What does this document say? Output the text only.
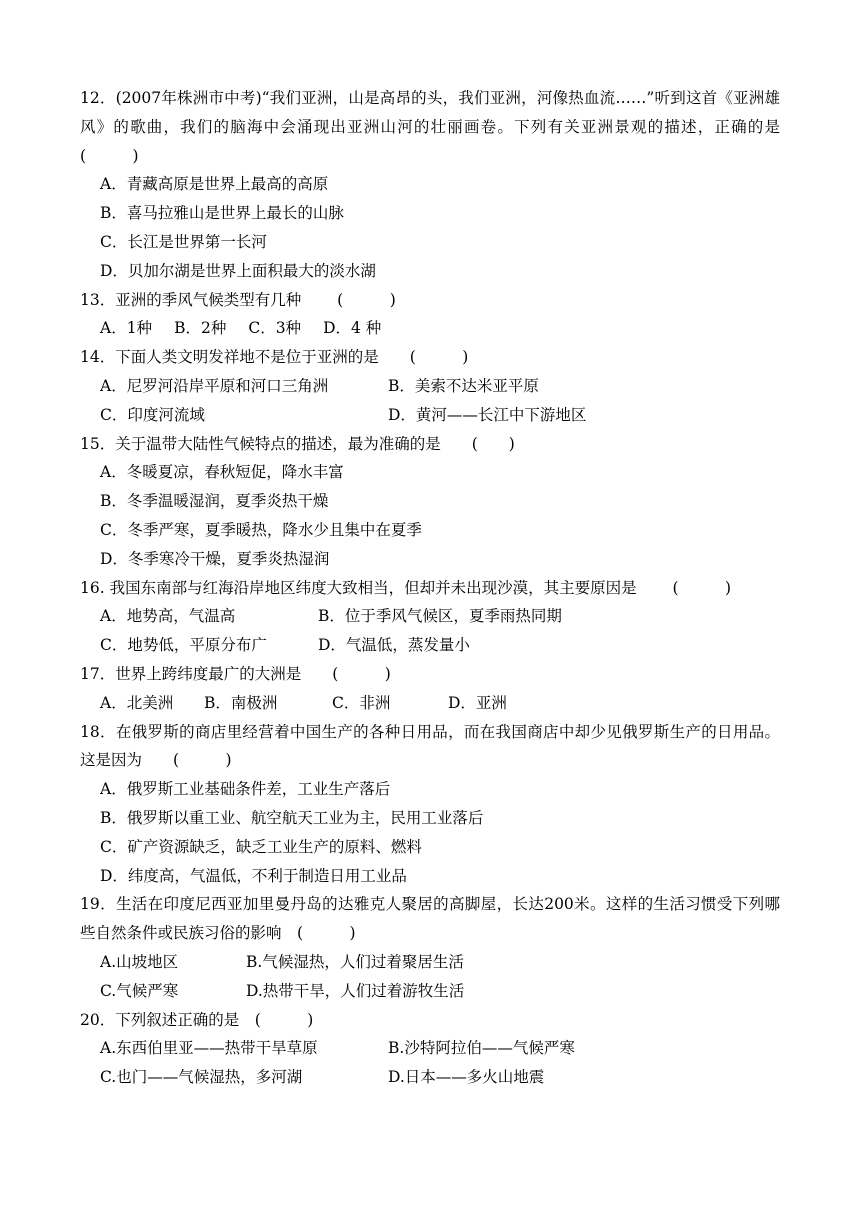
12．(2007年株洲市中考)“我们亚洲，山是高昂的头，我们亚洲，河像热血流……”听到这首《亚洲雄风》的歌曲，我们的脑海中会涌现出亚洲山河的壮丽画卷。下列有关亚洲景观的描述，正确的是　　(　　　)
A．青藏高原是世界上最高的高原
B．喜马拉雅山是世界上最长的山脉
C．长江是世界第一长河
D．贝加尔湖是世界上面积最大的淡水湖
13．亚洲的季风气候类型有几种　　 (　　　)
A．1种 B．2种 C．3种 D．4 种
14．下面人类文明发祥地不是位于亚洲的是　　(　　　)
A．尼罗河沿岸平原和河口三角洲	B．美索不达米亚平原
C．印度河流域	D．黄河——长江中下游地区
15．关于温带大陆性气候特点的描述，最为准确的是　　(　　)
A．冬暖夏凉，春秋短促，降水丰富
B．冬季温暖湿润，夏季炎热干燥
C．冬季严寒，夏季暖热，降水少且集中在夏季
D．冬季寒冷干燥，夏季炎热湿润
16. 我国东南部与红海沿岸地区纬度大致相当，但却并未出现沙漠，其主要原因是　　 (　　　)
A．地势高，气温高	B．位于季风气候区，夏季雨热同期
C．地势低，平原分布广	D．气温低，蒸发量小
17．世界上跨纬度最广的大洲是　　(　　　)
A．北美洲 B．南极洲	C．非洲	D．亚洲
18．在俄罗斯的商店里经营着中国生产的各种日用品，而在我国商店中却少见俄罗斯生产的日用品。这是因为　　(　　　)
A．俄罗斯工业基础条件差，工业生产落后
B．俄罗斯以重工业、航空航天工业为主，民用工业落后
C．矿产资源缺乏，缺乏工业生产的原料、燃料
D．纬度高，气温低，不利于制造日用工业品
19．生活在印度尼西亚加里曼丹岛的达雅克人聚居的高脚屋，长达200米。这样的生活习惯受下列哪些自然条件或民族习俗的影响　(　　　)
A.山坡地区	B.气候湿热，人们过着聚居生活
C.气候严寒	D.热带干旱，人们过着游牧生活
20．下列叙述正确的是　(　　　)
A.东西伯里亚——热带干旱草原	B.沙特阿拉伯——气候严寒
C.也门——气候湿热，多河湖	D.日本——多火山地震
